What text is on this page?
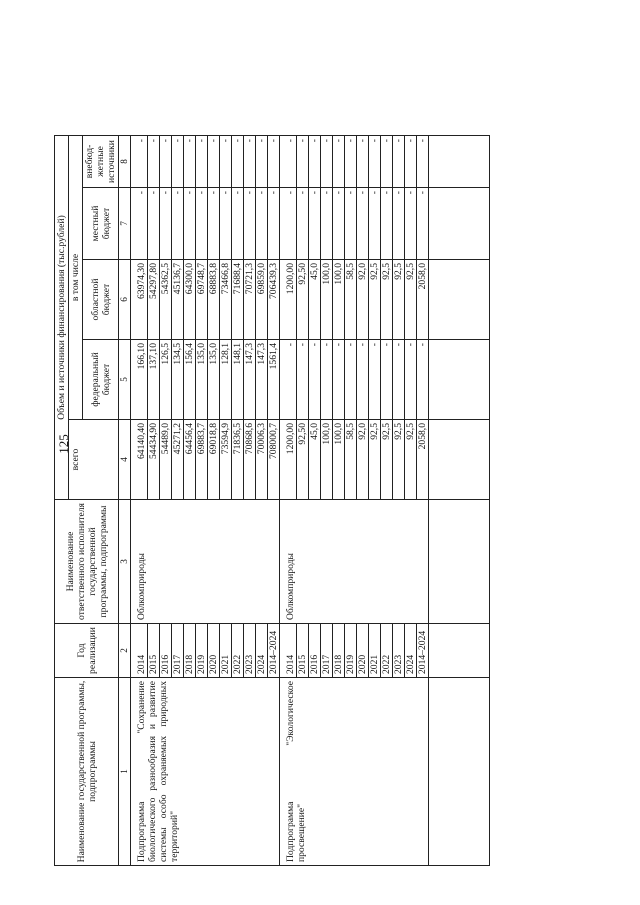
125
Наименование государственной программы, подпрограммы	Год реализации	Наименование ответственного исполнителя государственной программы, подпрограммы	Объем и источники финансирования (тыс.рублей)					
			всего	в том числе				
				федеральный бюджет	областной бюджет	местный бюджет	внебюд-жетные источники	
1	2	3	4	5	6	7	8	
Подпрограмма "Сохранение биологического разнообразия и развитие системы особо охраняемых природных территорий"	2014	Облкомприроды	64140,40	166,10	63974,30	-	-	
	2015		54434,90	137,10	54297,80	-	-	
	2016		54489,0	126,5	54362,5	-	-	
	2017		45271,2	134,5	45136,7	-	-	
	2018		64456,4	156,4	64300,0	-	-	
	2019		69883,7	135,0	69748,7	-	-	
	2020		69018,8	135,0	68883,8	-	-	
	2021		73594,9	128,1	73466,8	-	-	
	2022		71836,5	148,1	71688,4	-	-	
	2023		70868,6	147,3	70721,3	-	-	
	2024		70006,3	147,3	69859,0	-	-	
	2014–2024		708000,7	1561,4	706439,3	-	-	
Подпрограмма "Экологическое просвещение"	2014	Облкомприроды	1200,00	-	1200,00	-	-	
	2015		92,50	-	92,50	-	-	
	2016		45,0	-	45,0	-	-	
	2017		100,0	-	100,0	-	-	
	2018		100,0	-	100,0	-	-	
	2019		58,5	-	58,5	-	-	
	2020		92,0	-	92,0	-	-	
	2021		92,5	-	92,5	-	-	
	2022		92,5	-	92,5	-	-	
	2023		92,5	-	92,5	-	-	
	2024		92,5	-	92,5	-	-	
	2014–2024		2058,0	-	2058,0	-	-	
